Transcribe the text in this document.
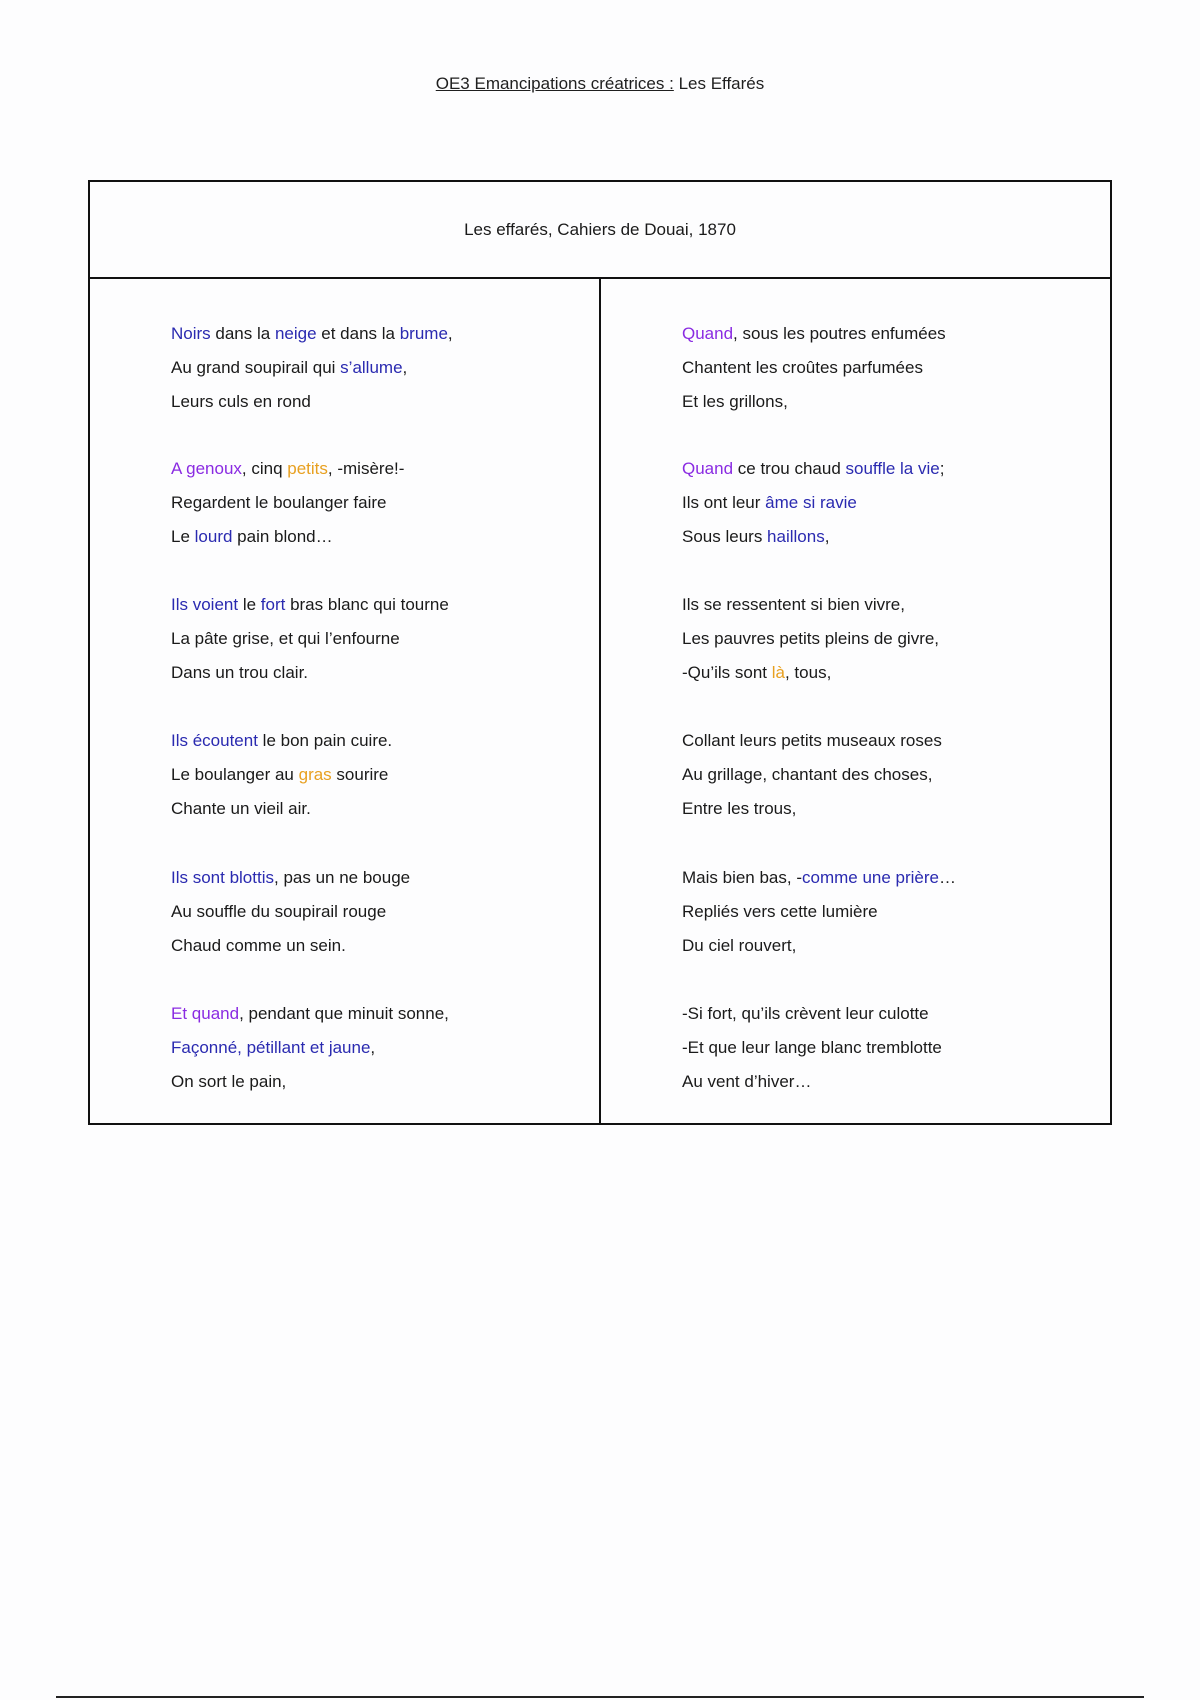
OE3 Emancipations créatrices : Les Effarés
Les effarés, Cahiers de Douai, 1870
Noirs dans la neige et dans la brume,
Au grand soupirail qui s’allume,
Leurs culs en rond
A genoux, cinq petits, -misère!-
Regardent le boulanger faire
Le lourd pain blond…
Ils voient le fort bras blanc qui tourne
La pâte grise, et qui l’enfourne
Dans un trou clair.
Ils écoutent le bon pain cuire.
Le boulanger au gras sourire
Chante un vieil air.
Ils sont blottis, pas un ne bouge
Au souffle du soupirail rouge
Chaud comme un sein.
Et quand, pendant que minuit sonne,
Façonné, pétillant et jaune,
On sort le pain,
Quand, sous les poutres enfumées
Chantent les croûtes parfumées
Et les grillons,
Quand ce trou chaud souffle la vie;
Ils ont leur âme si ravie
Sous leurs haillons,
Ils se ressentent si bien vivre,
Les pauvres petits pleins de givre,
-Qu’ils sont là, tous,
Collant leurs petits museaux roses
Au grillage, chantant des choses,
Entre les trous,
Mais bien bas, -comme une prière…
Repliés vers cette lumière
Du ciel rouvert,
-Si fort, qu’ils crèvent leur culotte
-Et que leur lange blanc tremblotte
Au vent d’hiver…
